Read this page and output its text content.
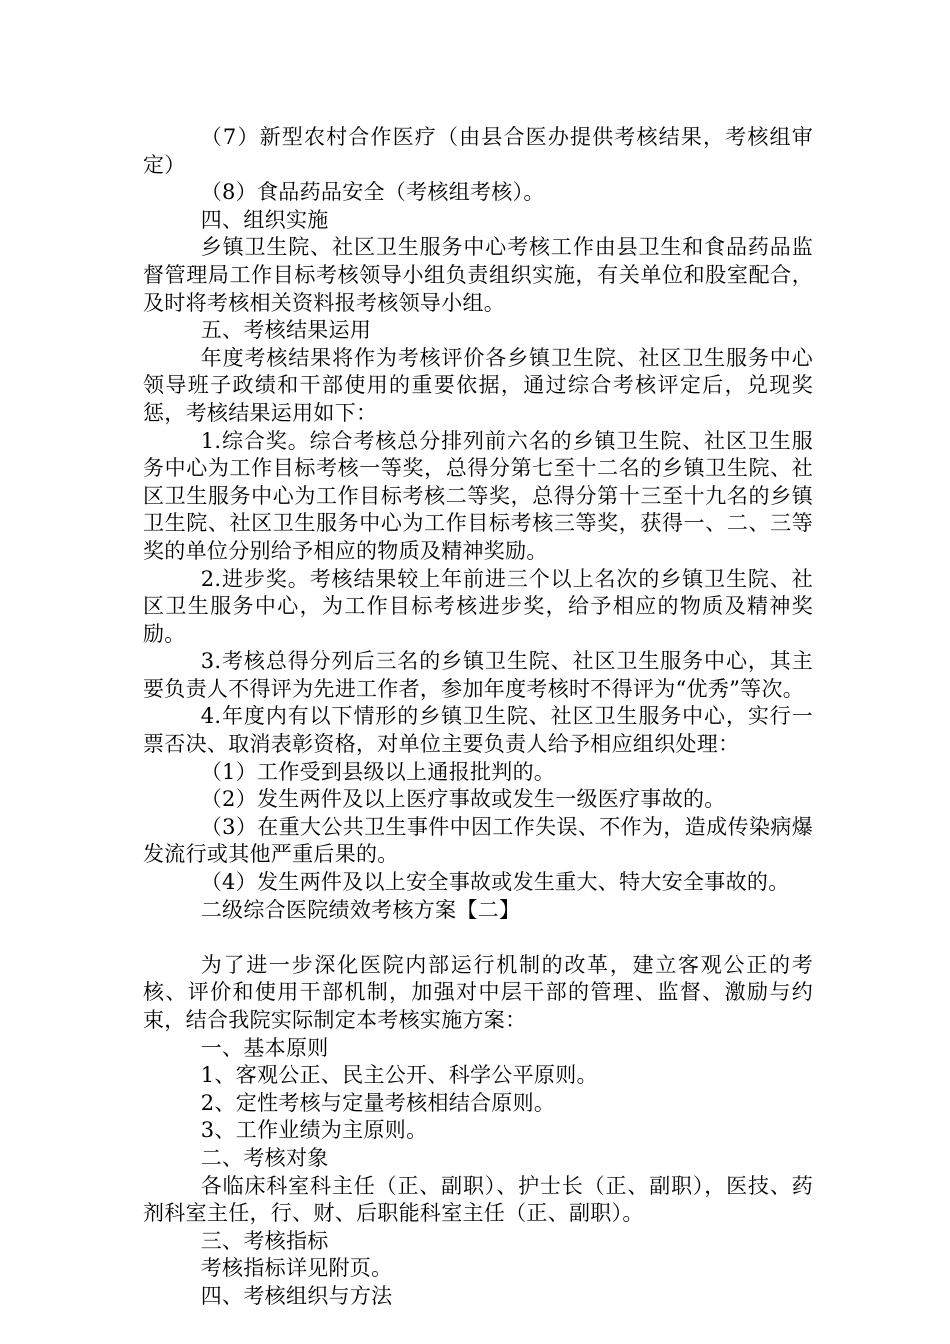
（7）新型农村合作医疗（由县合医办提供考核结果，考核组审定）

（8）食品药品安全（考核组考核）。

四、组织实施

乡镇卫生院、社区卫生服务中心考核工作由县卫生和食品药品监督管理局工作目标考核领导小组负责组织实施，有关单位和股室配合，及时将考核相关资料报考核领导小组。

五、考核结果运用

年度考核结果将作为考核评价各乡镇卫生院、社区卫生服务中心领导班子政绩和干部使用的重要依据，通过综合考核评定后，兑现奖惩，考核结果运用如下：

1.综合奖。综合考核总分排列前六名的乡镇卫生院、社区卫生服务中心为工作目标考核一等奖，总得分第七至十二名的乡镇卫生院、社区卫生服务中心为工作目标考核二等奖，总得分第十三至十九名的乡镇卫生院、社区卫生服务中心为工作目标考核三等奖，获得一、二、三等奖的单位分别给予相应的物质及精神奖励。

2.进步奖。考核结果较上年前进三个以上名次的乡镇卫生院、社区卫生服务中心，为工作目标考核进步奖，给予相应的物质及精神奖励。

3.考核总得分列后三名的乡镇卫生院、社区卫生服务中心，其主要负责人不得评为先进工作者，参加年度考核时不得评为“优秀”等次。

4.年度内有以下情形的乡镇卫生院、社区卫生服务中心，实行一票否决、取消表彰资格，对单位主要负责人给予相应组织处理：

（1）工作受到县级以上通报批判的。

（2）发生两件及以上医疗事故或发生一级医疗事故的。

（3）在重大公共卫生事件中因工作失误、不作为，造成传染病爆发流行或其他严重后果的。

（4）发生两件及以上安全事故或发生重大、特大安全事故的。

二级综合医院绩效考核方案【二】

为了进一步深化医院内部运行机制的改革，建立客观公正的考核、评价和使用干部机制，加强对中层干部的管理、监督、激励与约束，结合我院实际制定本考核实施方案：

一、基本原则

1、客观公正、民主公开、科学公平原则。

2、定性考核与定量考核相结合原则。

3、工作业绩为主原则。

二、考核对象

各临床科室科主任（正、副职）、护士长（正、副职），医技、药剂科室主任，行、财、后职能科室主任（正、副职）。

三、考核指标

考核指标详见附页。

四、考核组织与方法
